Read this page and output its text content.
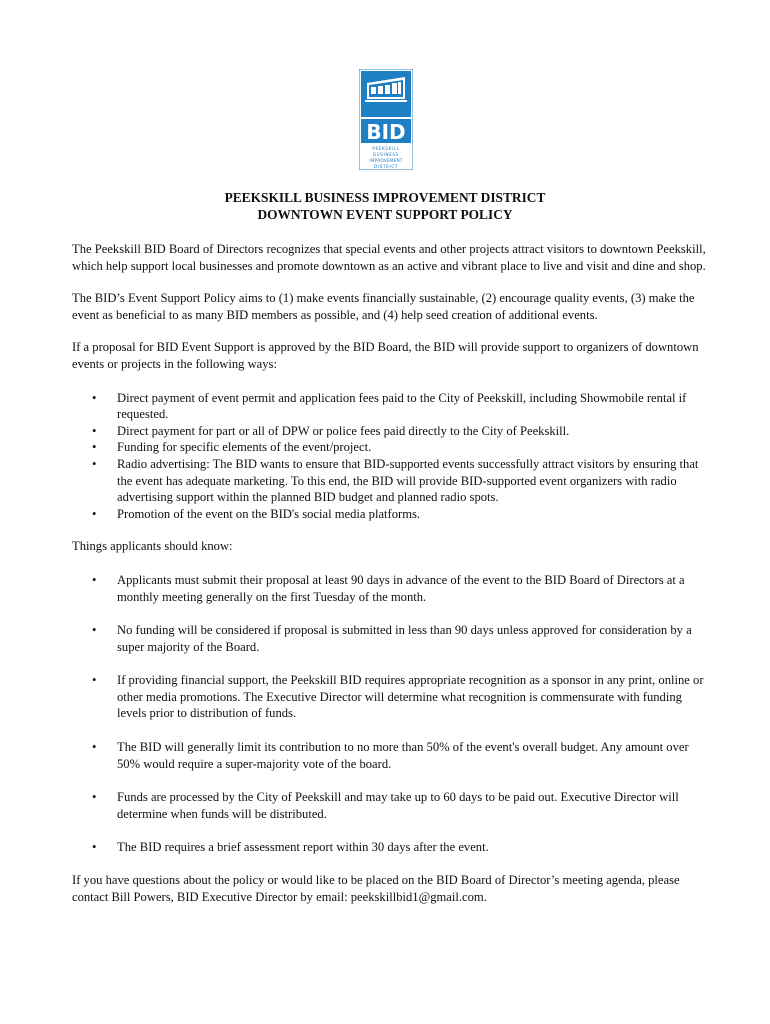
BID
PEEKSKILL
BUSINESS
IMPROVEMENT
DISTRICT
PEEKSKILL BUSINESS IMPROVEMENT DISTRICT
DOWNTOWN EVENT SUPPORT POLICY

The Peekskill BID Board of Directors recognizes that special events and other projects attract visitors to downtown Peekskill, which help support local businesses and promote downtown as an active and vibrant place to live and visit and dine and shop.

The BID’s Event Support Policy aims to (1) make events financially sustainable, (2) encourage quality events, (3) make the event as beneficial to as many BID members as possible, and (4) help seed creation of additional events.

If a proposal for BID Event Support is approved by the BID Board, the BID will provide support to organizers of downtown events or projects in the following ways:

• Direct payment of event permit and application fees paid to the City of Peekskill, including Showmobile rental if requested.
• Direct payment for part or all of DPW or police fees paid directly to the City of Peekskill.
• Funding for specific elements of the event/project.
• Radio advertising: The BID wants to ensure that BID-supported events successfully attract visitors by ensuring that the event has adequate marketing. To this end, the BID will provide BID-supported event organizers with radio advertising support within the planned BID budget and planned radio spots.
• Promotion of the event on the BID's social media platforms.

Things applicants should know:

• Applicants must submit their proposal at least 90 days in advance of the event to the BID Board of Directors at a monthly meeting generally on the first Tuesday of the month.
• No funding will be considered if proposal is submitted in less than 90 days unless approved for consideration by a super majority of the Board.
• If providing financial support, the Peekskill BID requires appropriate recognition as a sponsor in any print, online or other media promotions. The Executive Director will determine what recognition is commensurate with funding levels prior to distribution of funds.
• The BID will generally limit its contribution to no more than 50% of the event's overall budget. Any amount over 50% would require a super-majority vote of the board.
• Funds are processed by the City of Peekskill and may take up to 60 days to be paid out. Executive Director will determine when funds will be distributed.
• The BID requires a brief assessment report within 30 days after the event.

If you have questions about the policy or would like to be placed on the BID Board of Director’s meeting agenda, please contact Bill Powers, BID Executive Director by email: peekskillbid1@gmail.com.
